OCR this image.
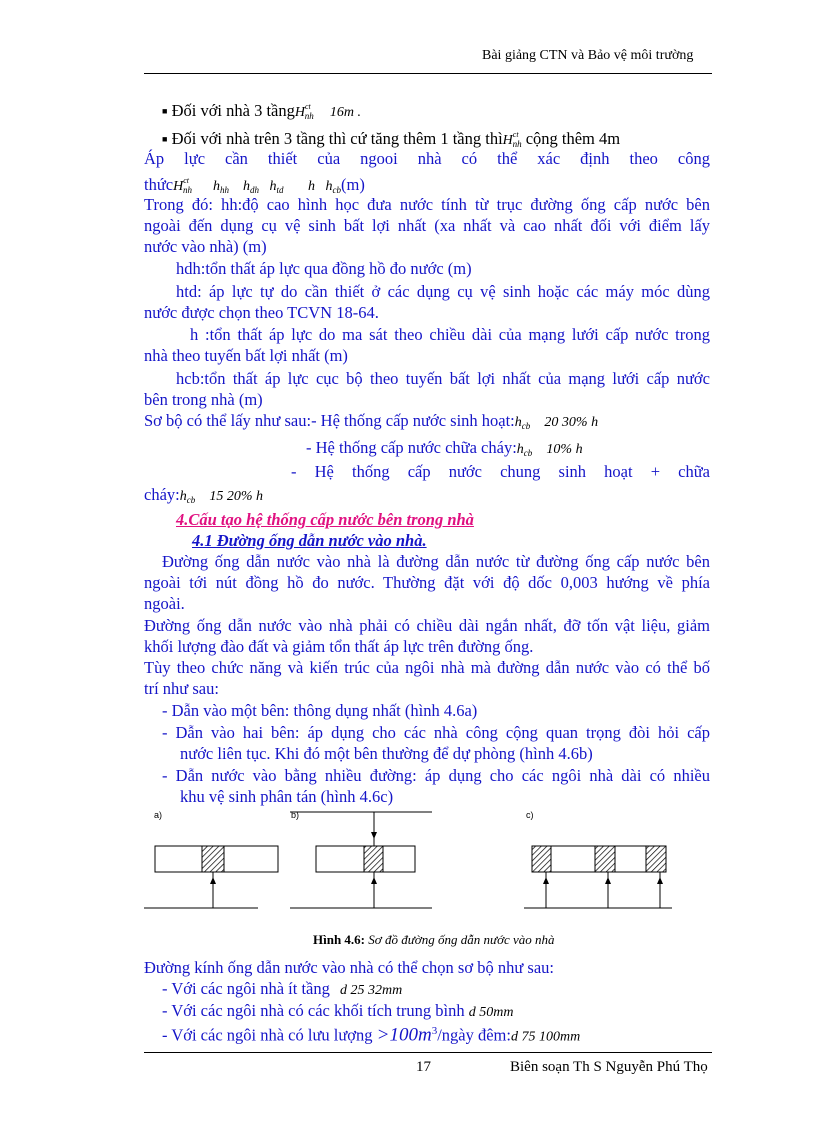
Bài giảng CTN và Bảo vệ môi trường
■ Đối với nhà 3 tầngH$^{ct}_{nh}$ 16m .
■ Đối với nhà trên 3 tầng thì cứ tăng thêm 1 tầng thìH$^{ct}_{nh}$ cộng thêm 4m
Áp lực cần thiết của ngooi nhà có thể xác định theo công
thứcH$^{ct}_{nh}$      $h_{hh}$    $h_{dh}$   $h_{td}$       h   $h_{cb}(m)$
Trong đó: hh:độ cao hình học đưa nước tính từ trục đường ống cấp nước bên
ngoài đến dụng cụ vệ sinh bất lợi nhất (xa nhất và cao nhất đối với điểm lấy
nước vào nhà) (m)
hdh:tổn thất áp lực qua đồng hồ đo nước (m)
htd: áp lực tự do cần thiết ở các dụng cụ vệ sinh hoặc các máy móc dùng
nước được chọn theo TCVN 18-64.
h :tổn thất áp lực do ma sát theo chiều dài của mạng lưới cấp nước trong
nhà theo tuyến bất lợi nhất (m)
hcb:tổn thất áp lực cục bộ theo tuyến bất lợi nhất của mạng lưới cấp nước
bên trong nhà (m)
Sơ bộ có thể lấy như sau:- Hệ thống cấp nước $\sinh hoạt:h_{cb}$ 20 30% h
- Hệ thống cấp nước chữa $cháy:h_{cb}$ 10% h
- Hệ thống cấp nước chung sinh hoạt + chữa
$cháy:h_{cb}$ 15 20% h
4.Cấu tạo hệ thống cấp nước bên trong nhà
4.1 Đường ống dẫn nước vào nhà.
Đường ống dẫn nước vào nhà là đường dẫn nước từ đường ống cấp nước bên
ngoài tới nút đồng hồ đo nước. Thường đặt với độ dốc 0,003 hướng về phía
ngoài.
Đường ống dẫn nước vào nhà phải có chiều dài ngắn nhất, đỡ tốn vật liệu, giảm
khối lượng đào đất và giảm tổn thất áp lực trên đường ống.
Tùy theo chức năng và kiến trúc của ngôi nhà mà đường dẫn nước vào có thể bố
trí như sau:
- Dẫn vào một bên: thông dụng nhất (hình 4.6a)
- Dẫn vào hai bên: áp dụng cho các nhà công cộng quan trọng đòi hỏi cấp
nước liên tục. Khi đó một bên thường để dự phòng (hình 4.6b)
- Dẫn nước vào bằng nhiều đường: áp dụng cho các ngôi nhà dài có nhiều
khu vệ sinh phân tán (hình 4.6c)
a)	b)	c)
Hình 4.6: Sơ đồ đường ống dẫn nước vào nhà
Đường kính ống dẫn nước vào nhà có thể chọn sơ bộ như sau:
- Với các ngôi nhà ít tầng d 25 32mm
- Với các ngôi nhà có các khối tích trung bình d 50mm
- Với các ngôi nhà có lưu lượng $>100m^3$/ngày đêm:d 75 100mm
17	Biên soạn Th S Nguyễn Phú Thọ
